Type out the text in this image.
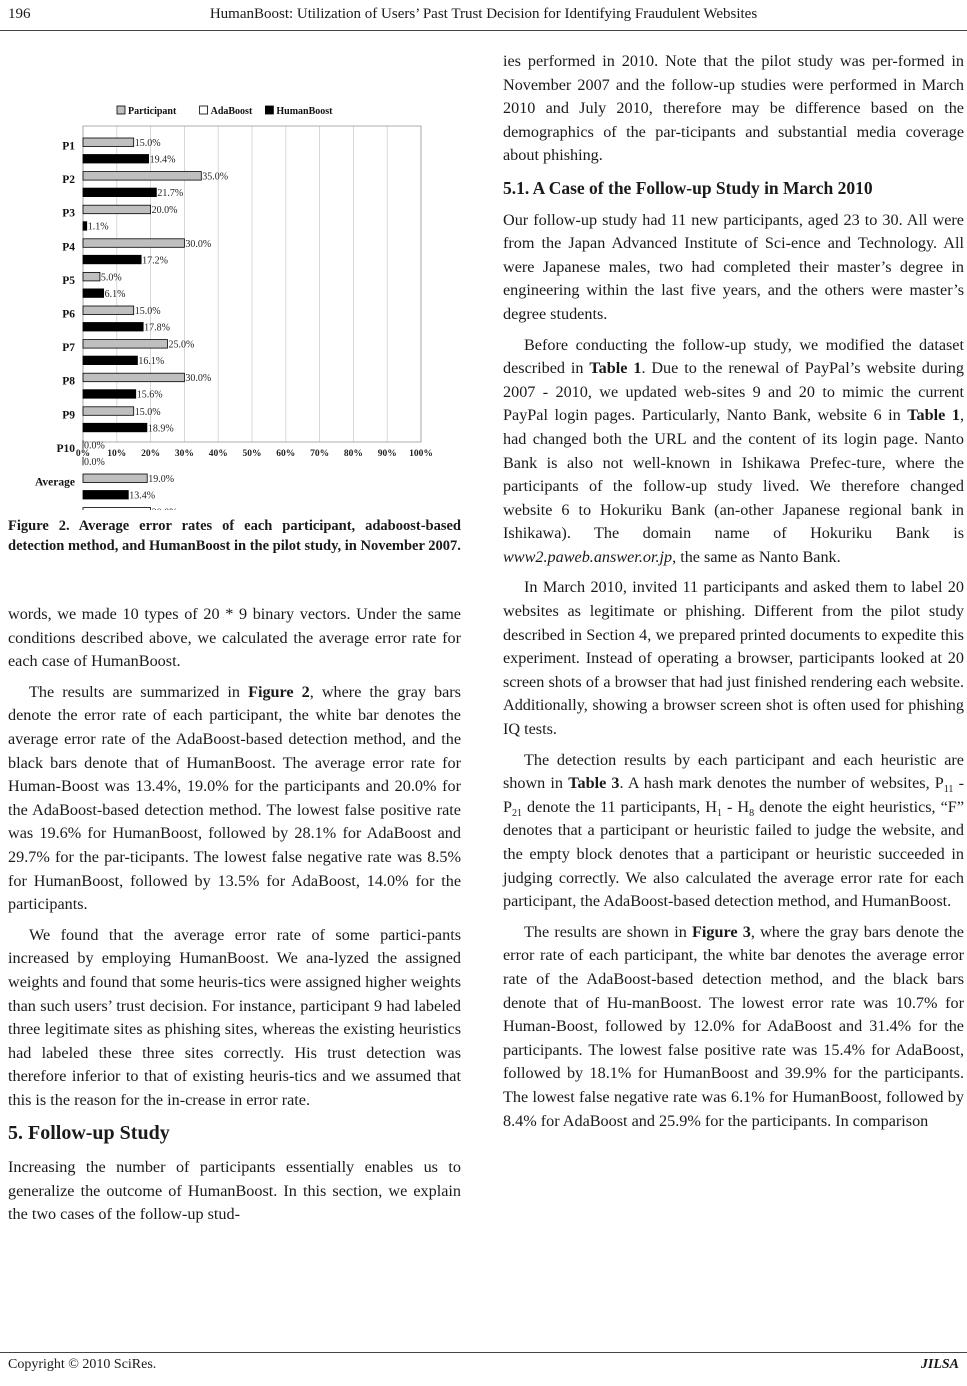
196	HumanBoost: Utilization of Users’ Past Trust Decision for Identifying Fraudulent Websites
0% 10% 20% 30% 40% 50% 60% 70% 80% 90% 100%
Participant	AdaBoost HumanBoost
P1	15.0%
19.4%
P2	35.0%
21.7%
P3	20.0%
1.1%
P4	30.0%
17.2%
P5	5.0%
6.1%
P6	15.0%
17.8%
P7	25.0%
16.1%
P8	30.0%
15.6%
P9	15.0%
18.9%
P10 0.0%
0.0%
Average	19.0%
13.4%
Figure 2. Average error rates of each participant, adaboost-based detection method, and HumanBoost in the pilot study, in November 2007.

words, we made 10 types of 20 * 9 binary vectors. Under the same conditions described above, we calculated the average error rate for each case of HumanBoost.

The results are summarized in Figure 2, where the gray bars denote the error rate of each participant, the white bar denotes the average error rate of the AdaBoost-based detection method, and the black bars denote that of HumanBoost. The average error rate for Human-Boost was 13.4%, 19.0% for the participants and 20.0% for the AdaBoost-based detection method. The lowest false positive rate was 19.6% for HumanBoost, followed by 28.1% for AdaBoost and 29.7% for the par-ticipants. The lowest false negative rate was 8.5% for HumanBoost, followed by 13.5% for AdaBoost, 14.0% for the participants.

We found that the average error rate of some partici-pants increased by employing HumanBoost. We ana-lyzed the assigned weights and found that some heuris-tics were assigned higher weights than such users’ trust decision. For instance, participant 9 had labeled three legitimate sites as phishing sites, whereas the existing heuristics had labeled these three sites correctly. His trust detection was therefore inferior to that of existing heuris-tics and we assumed that this is the reason for the in-crease in error rate.

5. Follow-up Study

Increasing the number of participants essentially enables us to generalize the outcome of HumanBoost. In this section, we explain the two cases of the follow-up stud-

ies performed in 2010. Note that the pilot study was per-formed in November 2007 and the follow-up studies were performed in March 2010 and July 2010, therefore may be difference based on the demographics of the par-ticipants and substantial media coverage about phishing.

5.1. A Case of the Follow-up Study in March 2010

Our follow-up study had 11 new participants, aged 23 to 30. All were from the Japan Advanced Institute of Sci-ence and Technology. All were Japanese males, two had completed their master’s degree in engineering within the last five years, and the others were master’s degree students.

Before conducting the follow-up study, we modified the dataset described in Table 1. Due to the renewal of PayPal’s website during 2007 - 2010, we updated web-sites 9 and 20 to mimic the current PayPal login pages. Particularly, Nanto Bank, website 6 in Table 1, had changed both the URL and the content of its login page. Nanto Bank is also not well-known in Ishikawa Prefec-ture, where the participants of the follow-up study lived. We therefore changed website 6 to Hokuriku Bank (an-other Japanese regional bank in Ishikawa). The domain name of Hokuriku Bank is www2.paweb.answer.or.jp, the same as Nanto Bank.

In March 2010, invited 11 participants and asked them to label 20 websites as legitimate or phishing. Different from the pilot study described in Section 4, we prepared printed documents to expedite this experiment. Instead of operating a browser, participants looked at 20 screen shots of a browser that had just finished rendering each website. Additionally, showing a browser screen shot is often used for phishing IQ tests.

The detection results by each participant and each heuristic are shown in Table 3. A hash mark denotes the number of websites, $P_{11} - P_{21}$ denote the 11 participants, $H_1 - H_8$ denote the eight heuristics, “F” denotes that a participant or heuristic failed to judge the website, and the empty block denotes that a participant or heuristic succeeded in judging correctly. We also calculated the average error rate for each participant, the AdaBoost-based detection method, and HumanBoost.

The results are shown in Figure 3, where the gray bars denote the error rate of each participant, the white bar denotes the average error rate of the AdaBoost-based detection method, and the black bars denote that of Hu-manBoost. The lowest error rate was 10.7% for Human-Boost, followed by 12.0% for AdaBoost and 31.4% for the participants. The lowest false positive rate was 15.4% for AdaBoost, followed by 18.1% for HumanBoost and 39.9% for the participants. The lowest false negative rate was 6.1% for HumanBoost, followed by 8.4% for AdaBoost and 25.9% for the participants. In comparison

Copyright © 2010 SciRes.	JILSA
